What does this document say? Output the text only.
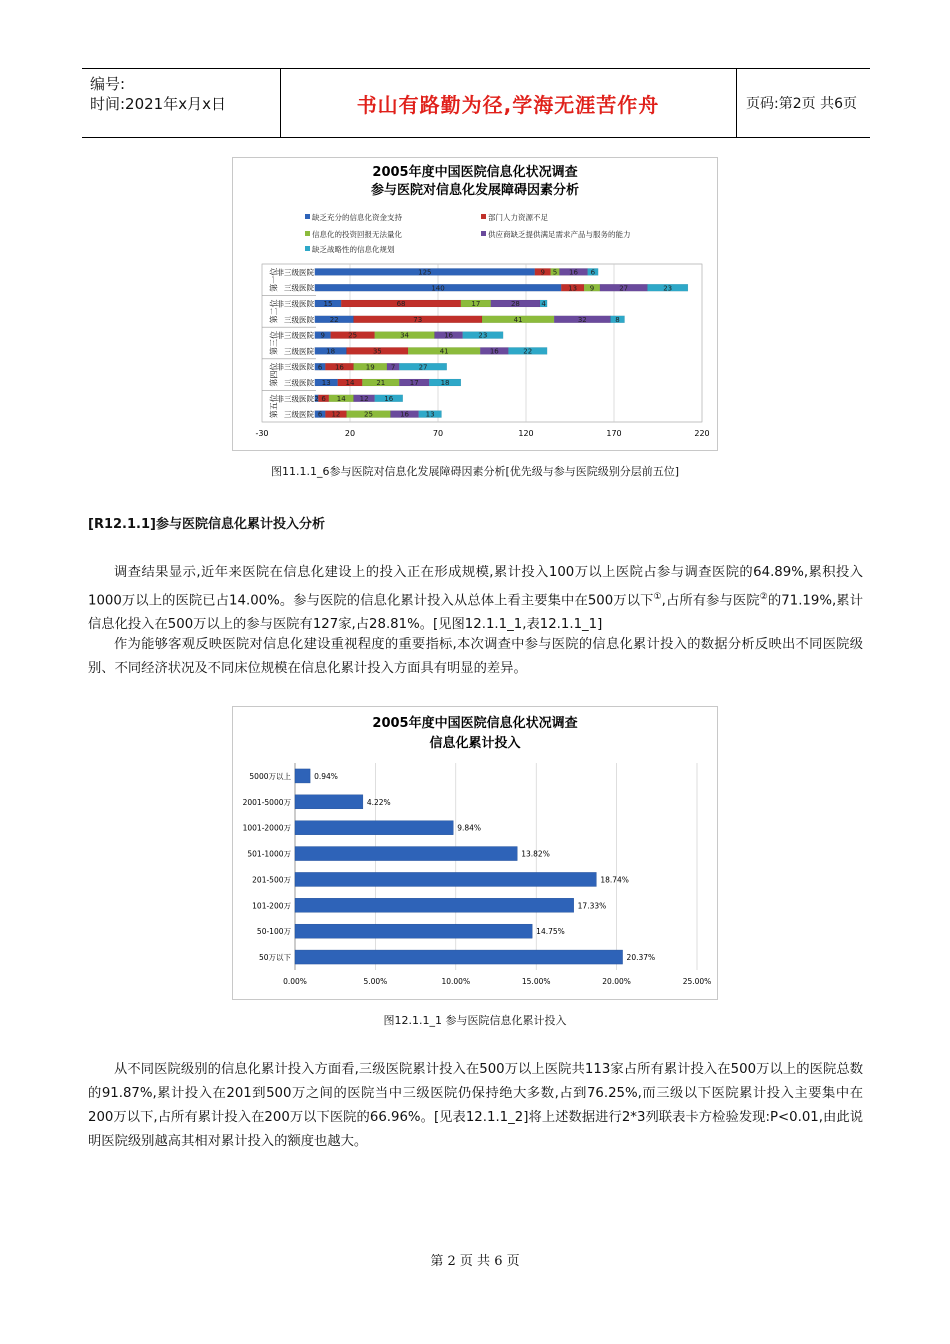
编号:
时间:2021年x月x日	书山有路勤为径,学海无涯苦作舟	页码:第2页 共6页
2005年度中国医院信息化状况调查
参与医院对信息化发展障碍因素分析
缺乏充分的信息化资金支持	部门人力资源不足
信息化的投资回报无法量化	供应商缺乏提供满足需求产品与服务的能力
缺乏战略性的信息化规划
-30	20	70	120	170	220
第一位
第二位
第三位
第四位
第五位
非三级医院	125	9 5 16 6
三级医院	140	13 9	27	23
非三级医院 15	68	17	28	4
三级医院 22	73	41	32	8
非三级医院 9	25	34	16	23
三级医院 18	35	41	16	22
非三级医院 6 16	19 7	27
三级医院 13 14	21	17	18
非三级医院 2 6 14 12 16
三级医院 6 12	25	16 13
图11.1.1_6参与医院对信息化发展障碍因素分析[优先级与参与医院级别分层前五位]
[R12.1.1]参与医院信息化累计投入分析
调查结果显示,近年来医院在信息化建设上的投入正在形成规模,累计投入100万以上医院占参与调查医院的64.89%,累积投入1000万以上的医院已占14.00%。参与医院的信息化累计投入从总体上看主要集中在500万以下①,占所有参与医院②的71.19%,累计信息化投入在500万以上的参与医院有127家,占28.81%。[见图12.1.1_1,表12.1.1_1]
作为能够客观反映医院对信息化建设重视程度的重要指标,本次调查中参与医院的信息化累计投入的数据分析反映出不同医院级别、不同经济状况及不同床位规模在信息化累计投入方面具有明显的差异。
2005年度中国医院信息化状况调查
信息化累计投入
0.00%	5.00%	10.00%	15.00%	20.00%	25.00%
5000万以上	0.94%
2001-5000万	4.22%
1001-2000万	9.84%
501-1000万	13.82%
201-500万	18.74%
101-200万	17.33%
50-100万	14.75%
50万以下	20.37%
图12.1.1_1 参与医院信息化累计投入
从不同医院级别的信息化累计投入方面看,三级医院累计投入在500万以上医院共113家占所有累计投入在500万以上的医院总数的91.87%,累计投入在201到500万之间的医院当中三级医院仍保持绝大多数,占到76.25%,而三级以下医院累计投入主要集中在200万以下,占所有累计投入在200万以下医院的66.96%。[见表12.1.1_2]将上述数据进行2*3列联表卡方检验发现:P<0.01,由此说明医院级别越高其相对累计投入的额度也越大。
第 2 页 共 6 页
